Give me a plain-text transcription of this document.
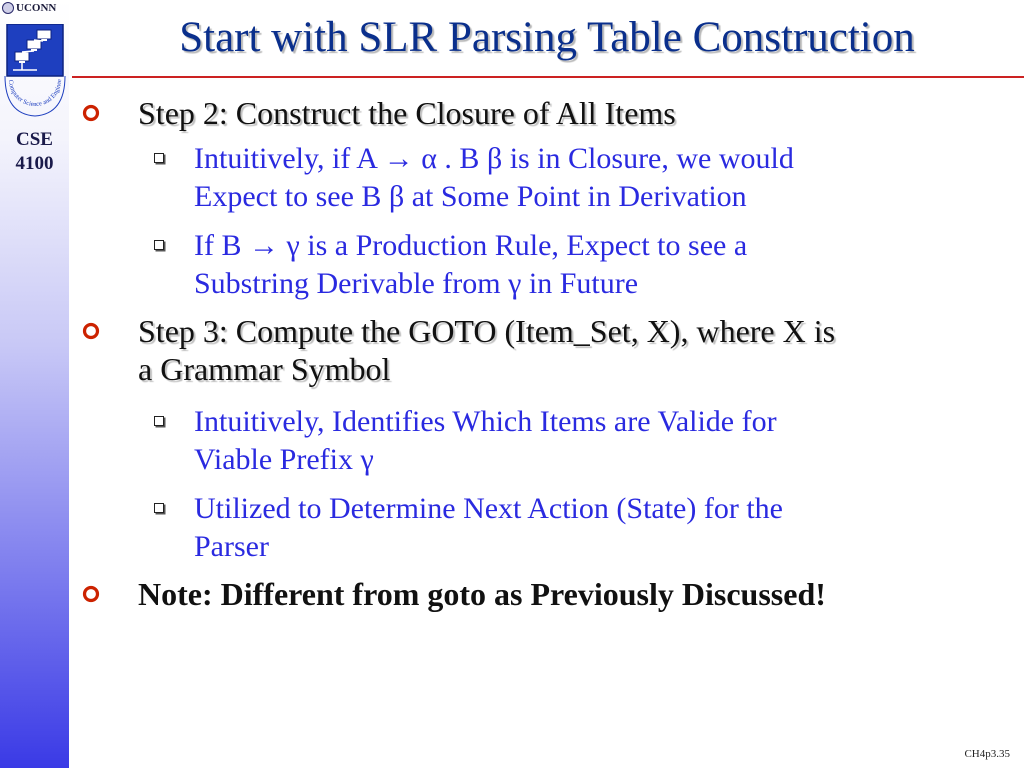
UCONN
Computer Science and Enginee
CSE
4100
Start with SLR Parsing Table Construction
Step 2: Construct the Closure of All Items
Intuitively, if A → α . B β is in Closure, we would
Expect to see B β at Some Point in Derivation
If B → γ is a Production Rule, Expect to see a
Substring Derivable from γ in Future
Step 3: Compute the GOTO (Item_Set, X), where X is
a Grammar Symbol
Intuitively, Identifies Which Items are Valide for
Viable Prefix γ
Utilized to Determine Next Action (State) for the
Parser
Note: Different from goto as Previously Discussed!
CH4p3.35
